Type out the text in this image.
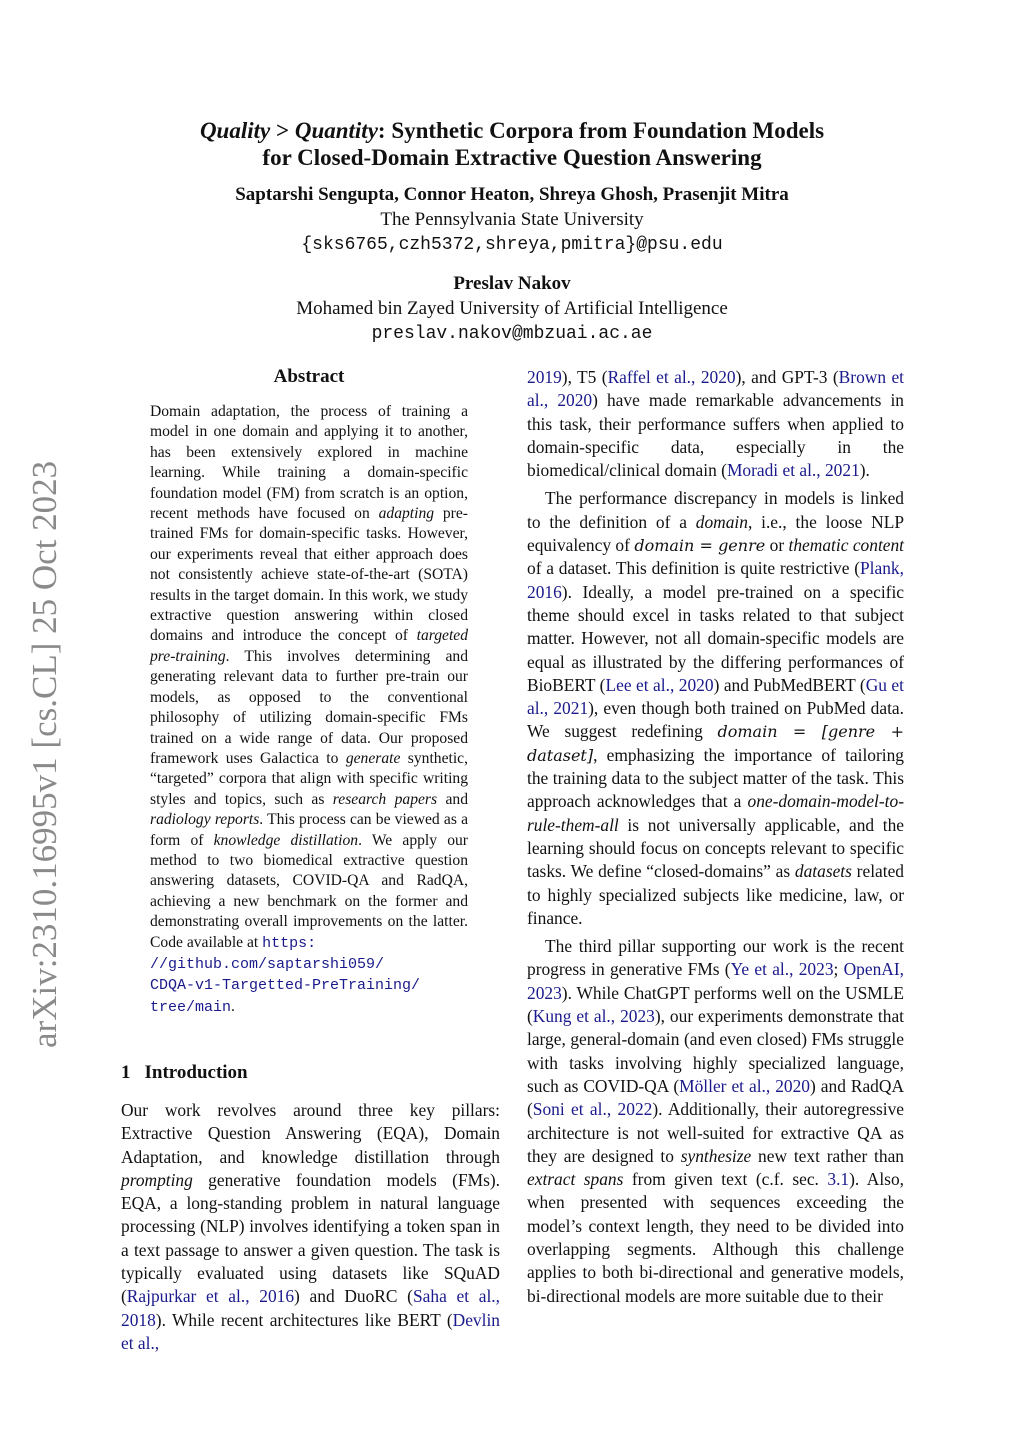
arXiv:2310.16995v1 [cs.CL] 25 Oct 2023
Quality > Quantity: Synthetic Corpora from Foundation Models
for Closed-Domain Extractive Question Answering
Saptarshi Sengupta, Connor Heaton, Shreya Ghosh, Prasenjit Mitra
The Pennsylvania State University
{sks6765,czh5372,shreya,pmitra}@psu.edu
Preslav Nakov
Mohamed bin Zayed University of Artificial Intelligence
preslav.nakov@mbzuai.ac.ae
Abstract
Domain adaptation, the process of training a model in one domain and applying it to another, has been extensively explored in machine learning. While training a domain-specific foundation model (FM) from scratch is an option, recent methods have focused on adapting pre-trained FMs for domain-specific tasks. However, our experiments reveal that either approach does not consistently achieve state-of-the-art (SOTA) results in the target domain. In this work, we study extractive question answering within closed domains and introduce the concept of targeted pre-training. This involves determining and generating relevant data to further pre-train our models, as opposed to the conventional philosophy of utilizing domain-specific FMs trained on a wide range of data. Our proposed framework uses Galactica to generate synthetic, “targeted” corpora that align with specific writing styles and topics, such as research papers and radiology reports. This process can be viewed as a form of knowledge distillation. We apply our method to two biomedical extractive question answering datasets, COVID-QA and RadQA, achieving a new benchmark on the former and demonstrating overall improvements on the latter. Code available at https:
//github.com/saptarshi059/
CDQA-v1-Targetted-PreTraining/
tree/main.
1 Introduction
Our work revolves around three key pillars: Extractive Question Answering (EQA), Domain Adaptation, and knowledge distillation through prompting generative foundation models (FMs). EQA, a long-standing problem in natural language processing (NLP) involves identifying a token span in a text passage to answer a given question. The task is typically evaluated using datasets like SQuAD (Rajpurkar et al., 2016) and DuoRC (Saha et al., 2018). While recent architectures like BERT (Devlin et al.,

2019), T5 (Raffel et al., 2020), and GPT-3 (Brown et al., 2020) have made remarkable advancements in this task, their performance suffers when applied to domain-specific data, especially in the biomedical/clinical domain (Moradi et al., 2021).

The performance discrepancy in models is linked to the definition of a domain, i.e., the loose NLP equivalency of domain = genre or thematic content of a dataset. This definition is quite restrictive (Plank, 2016). Ideally, a model pre-trained on a specific theme should excel in tasks related to that subject matter. However, not all domain-specific models are equal as illustrated by the differing performances of BioBERT (Lee et al., 2020) and PubMedBERT (Gu et al., 2021), even though both trained on PubMed data. We suggest redefining domain = [genre + dataset], emphasizing the importance of tailoring the training data to the subject matter of the task. This approach acknowledges that a one-domain-model-to-rule-them-all is not universally applicable, and the learning should focus on concepts relevant to specific tasks. We define “closed-domains” as datasets related to highly specialized subjects like medicine, law, or finance.

The third pillar supporting our work is the recent progress in generative FMs (Ye et al., 2023; OpenAI, 2023). While ChatGPT performs well on the USMLE (Kung et al., 2023), our experiments demonstrate that large, general-domain (and even closed) FMs struggle with tasks involving highly specialized language, such as COVID-QA (Möller et al., 2020) and RadQA (Soni et al., 2022). Additionally, their autoregressive architecture is not well-suited for extractive QA as they are designed to synthesize new text rather than extract spans from given text (c.f. sec. 3.1). Also, when presented with sequences exceeding the model’s context length, they need to be divided into overlapping segments. Although this challenge applies to both bi-directional and generative models, bi-directional models are more suitable due to their
